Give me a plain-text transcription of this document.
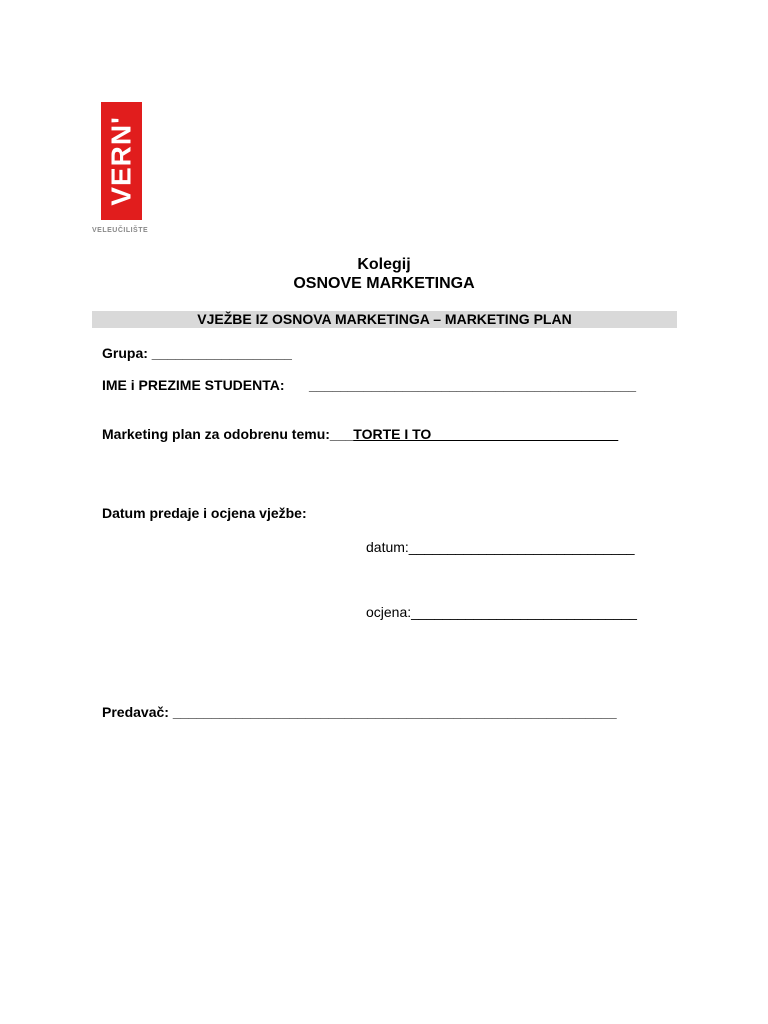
VERN'
VELEUČILIŠTE
Kolegij
OSNOVE MARKETINGA
VJEŽBE IZ OSNOVA MARKETINGA – MARKETING PLAN
Grupa: __________________
IME i PREZIME STUDENTA: __________________________________________
Marketing plan za odobrenu temu:___TORTE I TO________________________
Datum predaje i ocjena vježbe:
datum:_____________________________
ocjena:_____________________________
Predavač: _________________________________________________________
